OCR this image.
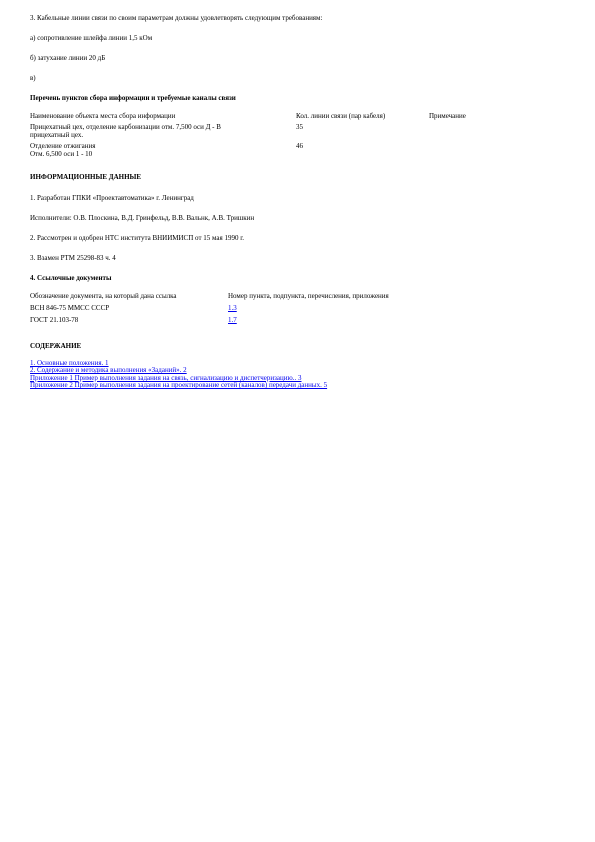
3. Кабельные линии связи по своим параметрам должны удовлетворять следующим требованиям:

а) сопротивление шлейфа линии 1,5 кОм

б) затухание линии 20 дБ

в)

Перечень пунктов сбора информации и требуемые каналы связи

Наименование объекта места сбора информации	Кол. линии связи (пар кабеля)	Примечание

Прицехатный цех, отделение карбонизации отм. 7,500 оси Д - В
прицехатный цех.	35	

Отделение отжигания
Отм. 6,500 оси 1 - 10	46	

ИНФОРМАЦИОННЫЕ ДАННЫЕ

1. Разработан ГПКИ «Проектавтоматика» г. Ленинград

Исполнители: О.В. Плоскина, В.Д. Гринфельд, В.В. Вальнк, А.В. Тришкин

2. Рассмотрен и одобрен НТС института ВНИИМИСП от 15 мая 1990 г.

3. Взамен РТМ 25298-83 ч. 4

4. Ссылочные документы

Обозначение документа, на который дана ссылка	Номер пункта, подпункта, перечисления, приложения
ВСН 846-75 ММСС СССР	1.3
ГОСТ 21.103-78	1.7

СОДЕРЖАНИЕ

1. Основные положения. 1
2. Содержание и методика выполнения «Заданий». 2
Приложение 1 Пример выполнения задания на связь, сигнализацию и диспетчеризацию.. 3
Приложение 2 Пример выполнения задания на проектирование сетей (каналов) передачи данных. 5
